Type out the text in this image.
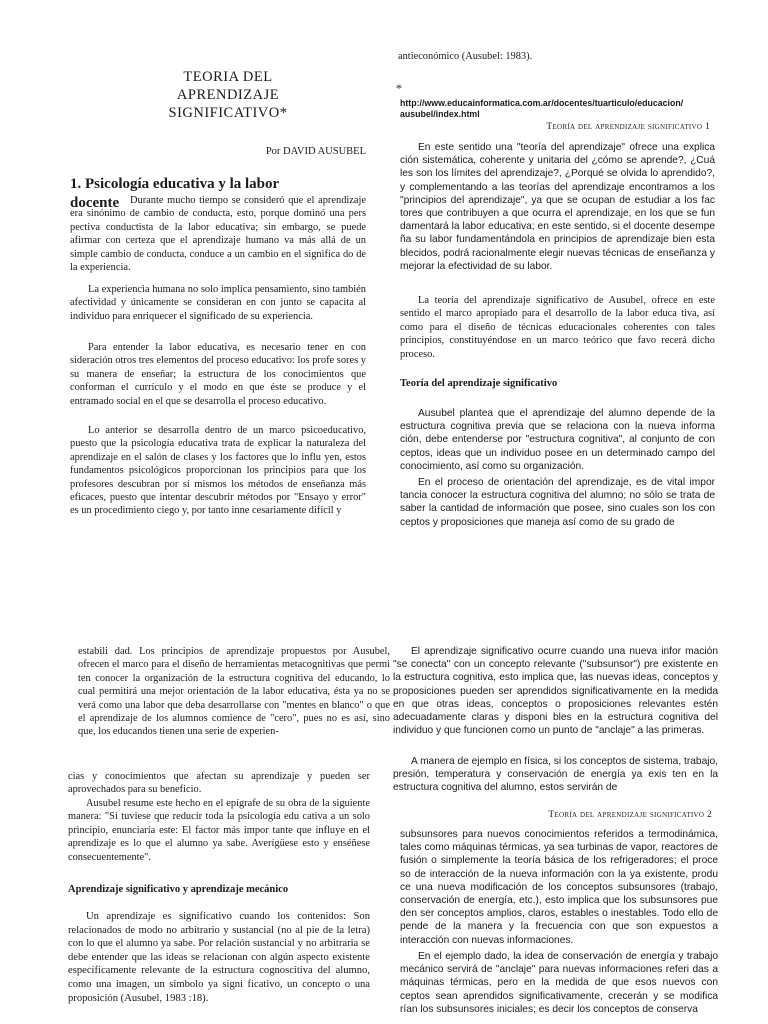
TEORIA DEL
APRENDIZAJE
SIGNIFICATIVO*

Por DAVID AUSUBEL

1. Psicología educativa y la labor
docente	Durante mucho tiempo se consideró que el aprendizaje era sinónimo de cambio de conducta, esto, porque dominó una pers pectiva conductista de la labor educativa; sin embargo, se puede afirmar con certeza que el aprendizaje humano va más allá de un simple cambio de conducta, conduce a un cambio en el significa do de la experiencia.

La experiencia humana no solo implica pensamiento, sino también afectividad y únicamente se consideran en con junto se capacita al individuo para enriquecer el significado de su experiencia.

Para entender la labor educativa, es necesario tener en con sideración otros tres elementos del proceso educativo: los profe sores y su manera de enseñar; la estructura de los conocimientos que conforman el currículo y el modo en que éste se produce y el entramado social en el que se desarrolla el proceso educativo.

Lo anterior se desarrolla dentro de un marco psicoeducativo, puesto que la psicología educativa trata de explicar la naturaleza del aprendizaje en el salón de clases y los factores que lo influ yen, estos fundamentos psicológicos proporcionan los principios para que los profesores descubran por sí mismos los métodos de enseñanza más eficaces, puesto que intentar descubrir métodos por "Ensayo y error" es un procedimiento ciego y, por tanto inne cesariamente difícil y

antieconómico (Ausubel: 1983).

*

http://www.educainformatica.com.ar/docentes/tuarticulo/educacion/
ausubel/index.html

Teoría del aprendizaje significativo 1

En este sentido una "teoría del aprendizaje" ofrece una explica ción sistemática, coherente y unitaria del ¿cómo se aprende?, ¿Cuá les son los límites del aprendizaje?, ¿Porqué se olvida lo aprendido?, y complementando a las teorías del aprendizaje encontramos a los "principios del aprendizaje", ya que se ocupan de estudiar a los fac tores que contribuyen a que ocurra el aprendizaje, en los que se fun damentará la labor educativa; en este sentido, si el docente desempe ña su labor fundamentándola en principios de aprendizaje bien esta blecidos, podrá racionalmente elegir nuevas técnicas de enseñanza y mejorar la efectividad de su labor.

La teoría del aprendizaje significativo de Ausubel, ofrece en este sentido el marco apropiado para el desarrollo de la labor educa tiva, así como para el diseño de técnicas educacionales coherentes con tales principios, constituyéndose en un marco teórico que favo recerá dicho proceso.

Teoría del aprendizaje significativo

Ausubel plantea que el aprendizaje del alumno depende de la estructura cognitiva previa que se relaciona con la nueva informa ción, debe entenderse por "estructura cognitiva", al conjunto de con ceptos, ideas que un individuo posee en un determinado campo del conocimiento, así como su organización.

En el proceso de orientación del aprendizaje, es de vital impor tancia conocer la estructura cognitiva del alumno; no sólo se trata de saber la cantidad de información que posee, sino cuales son los con ceptos y proposiciones que maneja así como de su grado de

estabili dad. Los principios de aprendizaje propuestos por Ausubel, ofrecen el marco para el diseño de herramientas metacognitivas que permi ten conocer la organización de la estructura cognitiva del educando, lo cual permitirá una mejor orientación de la labor educativa, ésta ya no se verá como una labor que deba desarrollarse con "mentes en blanco" o que el aprendizaje de los alumnos comience de "cero", pues no es así, sino que, los educandos tienen una serie de experien-

cias y conocimientos que afectan su aprendizaje y pueden ser aprovechados para su beneficio.

Ausubel resume este hecho en el epígrafe de su obra de la siguiente manera: "Si tuviese que reducir toda la psicología edu cativa a un solo principio, enunciaría este: El factor más impor tante que influye en el aprendizaje es lo que el alumno ya sabe. Averígüese esto y enséñese consecuentemente".

Aprendizaje significativo y aprendizaje mecánico

Un aprendizaje es significativo cuando los contenidos: Son relacionados de modo no arbitrario y sustancial (no al pie de la letra) con lo que el alumno ya sabe. Por relación sustancial y no arbitraria se debe entender que las ideas se relacionan con algún aspecto existente específicamente relevante de la estructura cognoscitiva del alumno, como una imagen, un símbolo ya signi ficativo, un concepto o una proposición (Ausubel, 1983 :18).

El aprendizaje significativo ocurre cuando una nueva infor mación "se conecta" con un concepto relevante ("subsunsor") pre existente en la estructura cognitiva, esto implica que, las nuevas ideas, conceptos y proposiciones pueden ser aprendidos significativamente en la medida en que otras ideas, conceptos o proposiciones relevantes estén adecuadamente claras y disponi bles en la estructura cognitiva del individuo y que funcionen como un punto de "anclaje" a las primeras.

A manera de ejemplo en física, si los conceptos de sistema, trabajo, presión, temperatura y conservación de energía ya exis ten en la estructura cognitiva del alumno, estos servirán de

Teoría del aprendizaje significativo 2

subsunsores para nuevos conocimientos referidos a termodinámica, tales como máquinas térmicas, ya sea turbinas de vapor, reactores de fusión o simplemente la teoría básica de los refrigeradores; el proce so de interacción de la nueva información con la ya existente, produ ce una nueva modificación de los conceptos subsunsores (trabajo, conservación de energía, etc.), esto implica que los subsunsores pue den ser conceptos amplios, claros, estables o inestables. Todo ello de pende de la manera y la frecuencia con que son expuestos a interacción con nuevas informaciones.

En el ejemplo dado, la idea de conservación de energía y trabajo mecánico servirá de "anclaje" para nuevas informaciones referi das a máquinas térmicas, pero en la medida de que esos nuevos con ceptos sean aprendidos significativamente, crecerán y se modifica rían los subsunsores iniciales; es decir los conceptos de conserva
